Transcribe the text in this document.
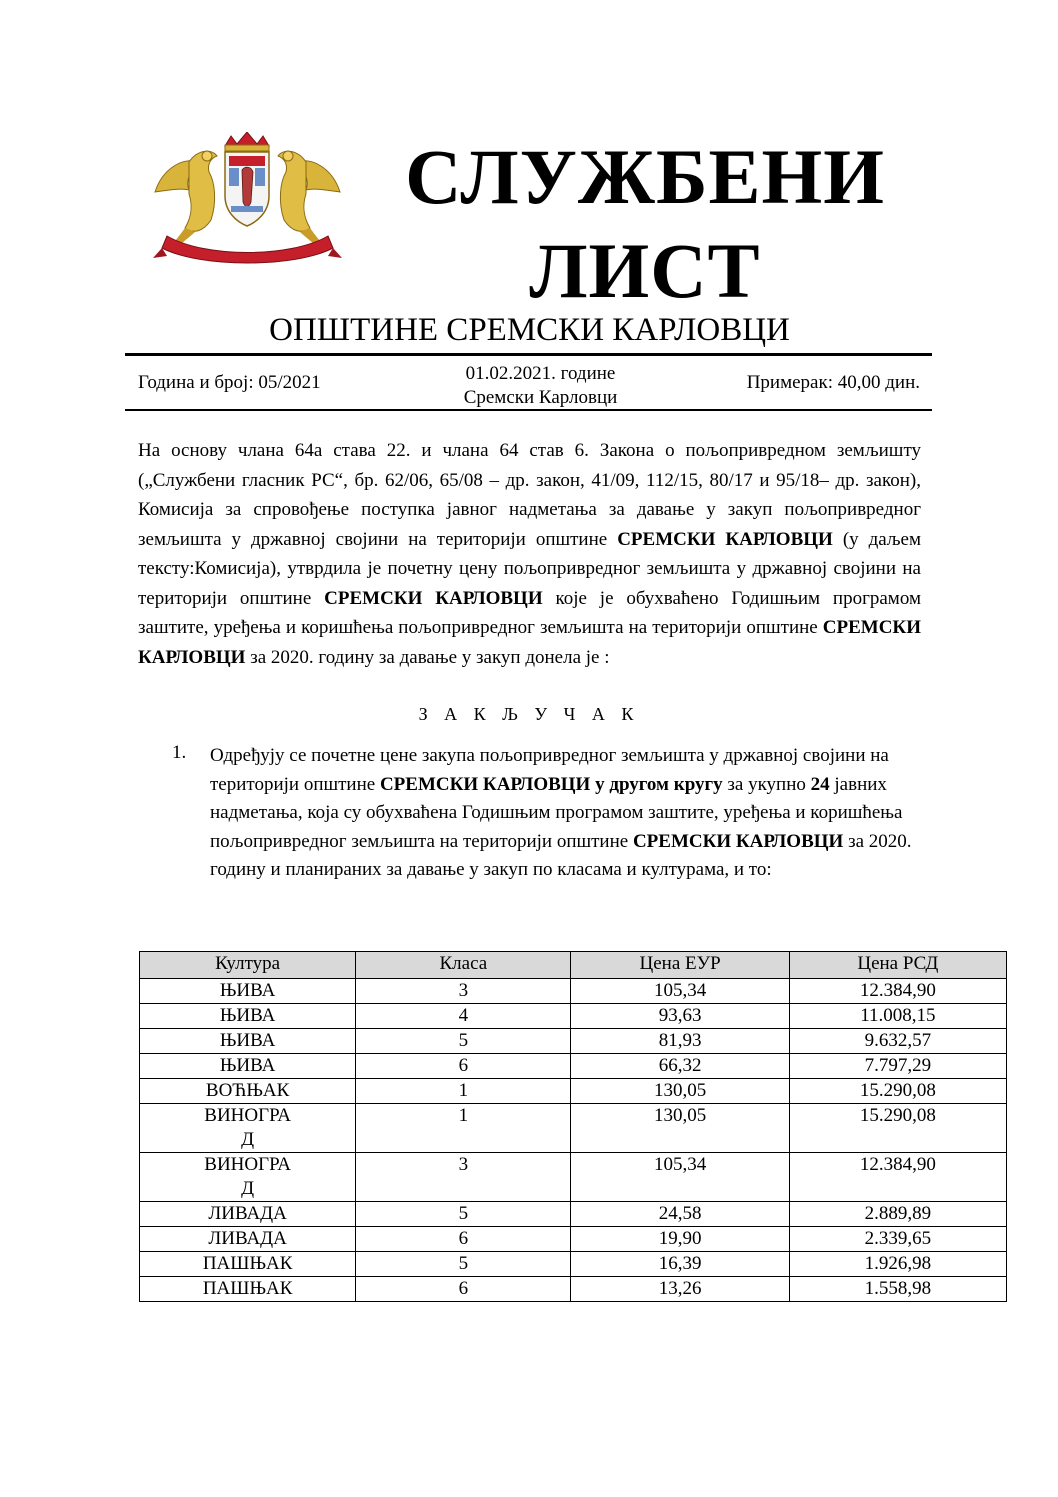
СЛУЖБЕНИ
ЛИСТ
ОПШТИНЕ СРЕМСКИ КАРЛОВЦИ
Година и број: 05/2021	01.02.2021. године
Сремски Карловци
Примерак: 40,00 дин.
На основу члана 64а става 22. и члана 64 став 6. Закона о пољопривредном земљишту („Службени гласник РС“, бр. 62/06, 65/08 – др. закон, 41/09, 112/15, 80/17 и 95/18– др. закон), Комисија за спровођење поступка јавног надметања за давање у закуп пољопривредног земљишта у државној својини на територији општине СРЕМСКИ КАРЛОВЦИ (у даљем тексту:Комисија), утврдила је почетну цену пољопривредног земљишта у државној својини на територији општине СРЕМСКИ КАРЛОВЦИ које је обухваћено Годишњим програмом заштите, уређења и коришћења пољопривредног земљишта на територији општине СРЕМСКИ КАРЛОВЦИ за 2020. годину за давање у закуп донела је :
З А К Љ У Ч А К
1. Одређују се почетне цене закупа пољопривредног земљишта у државној својини на територији општине СРЕМСКИ КАРЛОВЦИ у другом кругу за укупно 24 јавних надметања, која су обухваћена Годишњим програмом заштите, уређења и коришћења пољопривредног земљишта на територији општине СРЕМСКИ КАРЛОВЦИ за 2020. годину и планираних за давање у закуп по класама и културама, и то:
Култура	Класа	Цена ЕУР	Цена РСД
ЊИВА	3	105,34	12.384,90
ЊИВА	4	93,63	11.008,15
ЊИВА	5	81,93	9.632,57
ЊИВА	6	66,32	7.797,29
ВОЋЊАК	1	130,05	15.290,08

ВИНОГРА
Д	1	130,05	15.290,08

ВИНОГРА
Д	3	105,34	12.384,90
ЛИВАДА	5	24,58	2.889,89
ЛИВАДА	6	19,90	2.339,65
ПАШЊАК	5	16,39	1.926,98
ПАШЊАК	6	13,26	1.558,98
